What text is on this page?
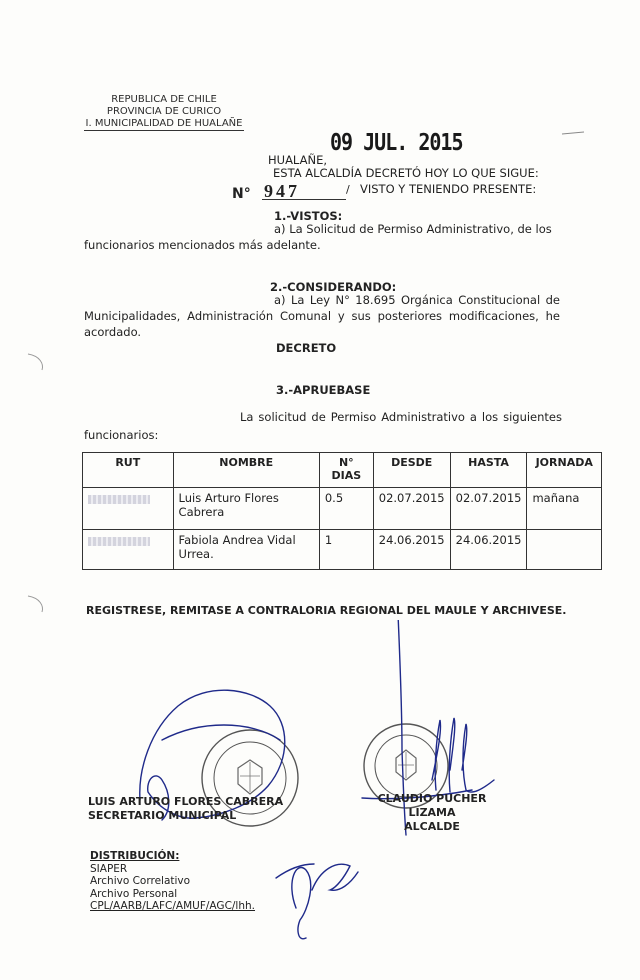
REPUBLICA DE CHILE
PROVINCIA DE CURICO
I. MUNICIPALIDAD DE HUALAÑE
09 JUL. 2015
HUALAÑE,
ESTA ALCALDÍA DECRETÓ HOY LO QUE SIGUE:
N° 947	/ VISTO Y TENIENDO PRESENTE:
1.-VISTOS:
a) La Solicitud de Permiso Administrativo, de los
funcionarios mencionados más adelante.
2.-CONSIDERANDO:
a) La Ley N° 18.695 Orgánica Constitucional de
Municipalidades, Administración Comunal y sus posteriores modificaciones, he
acordado.
DECRETO
3.-APRUEBASE
La solicitud de Permiso Administrativo a los siguientes
funcionarios:
RUT	NOMBRE	N° DIAS	DESDE	HASTA	JORNADA
	Luis Arturo Flores Cabrera	0.5	02.07.2015	02.07.2015	mañana
	Fabiola Andrea Vidal Urrea.	1	24.06.2015	24.06.2015	
REGISTRESE, REMITASE A CONTRALORIA REGIONAL DEL MAULE Y ARCHIVESE.
LUIS ARTURO FLORES CABRERA
SECRETARIO MUNICIPAL
CLAUDIO PUCHER LIZAMA
ALCALDE
DISTRIBUCIÓN:
SIAPER
Archivo Correlativo
Archivo Personal
CPL/AARB/LAFC/AMUF/AGC/lhh.
